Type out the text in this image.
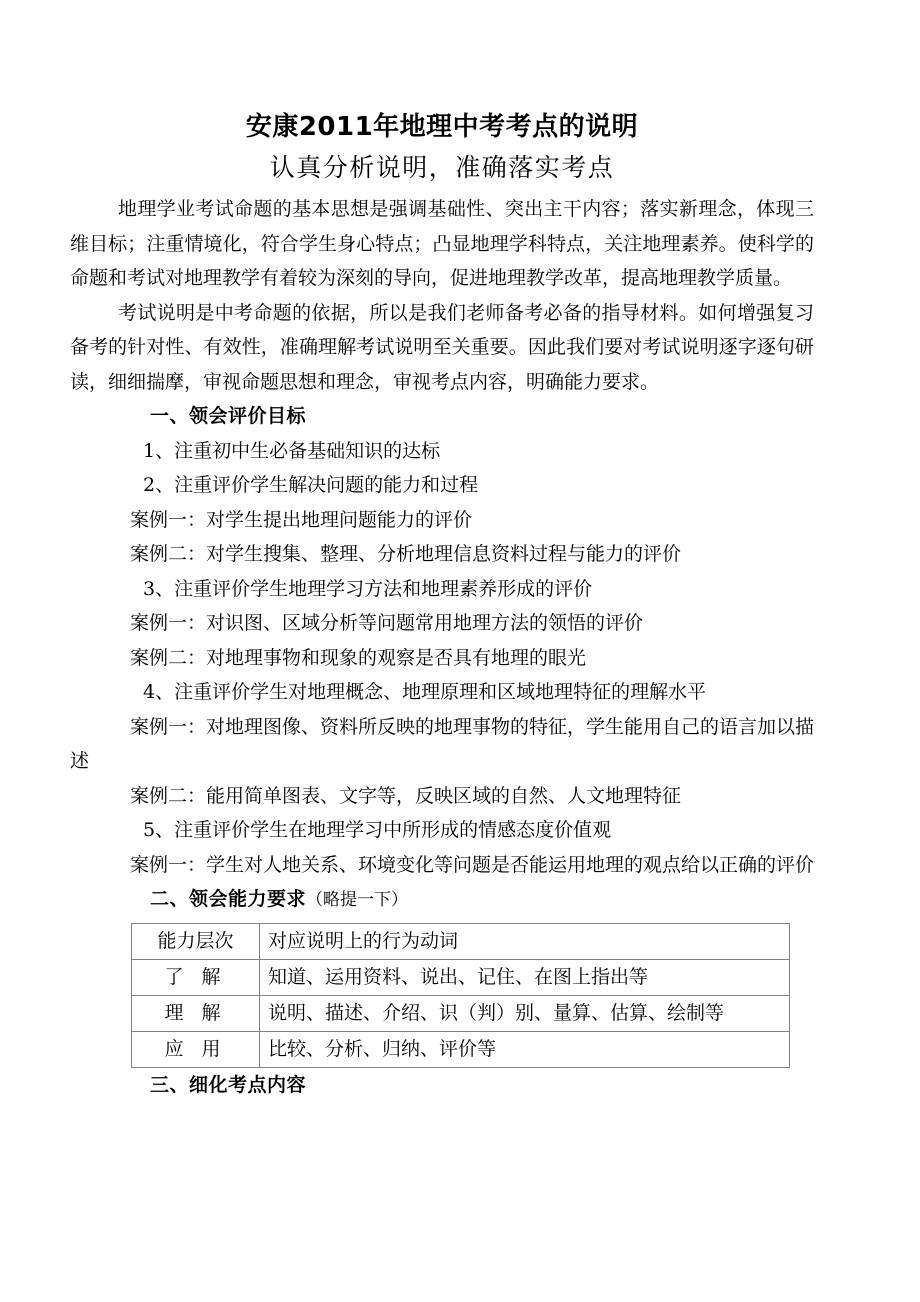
安康2011年地理中考考点的说明
认真分析说明，准确落实考点

地理学业考试命题的基本思想是强调基础性、突出主干内容；落实新理念，体现三维目标；注重情境化，符合学生身心特点；凸显地理学科特点，关注地理素养。使科学的命题和考试对地理教学有着较为深刻的导向，促进地理教学改革，提高地理教学质量。

考试说明是中考命题的依据，所以是我们老师备考必备的指导材料。如何增强复习备考的针对性、有效性，准确理解考试说明至关重要。因此我们要对考试说明逐字逐句研读，细细揣摩，审视命题思想和理念，审视考点内容，明确能力要求。

一、领会评价目标

1、注重初中生必备基础知识的达标

2、注重评价学生解决问题的能力和过程

案例一：对学生提出地理问题能力的评价

案例二：对学生搜集、整理、分析地理信息资料过程与能力的评价

3、注重评价学生地理学习方法和地理素养形成的评价

案例一：对识图、区域分析等问题常用地理方法的领悟的评价

案例二：对地理事物和现象的观察是否具有地理的眼光

4、注重评价学生对地理概念、地理原理和区域地理特征的理解水平

案例一：对地理图像、资料所反映的地理事物的特征，学生能用自己的语言加以描述

案例二：能用简单图表、文字等，反映区域的自然、人文地理特征

5、注重评价学生在地理学习中所形成的情感态度价值观

案例一：学生对人地关系、环境变化等问题是否能运用地理的观点给以正确的评价

二、领会能力要求（略提一下）
能力层次	对应说明上的行为动词
了 解	知道、运用资料、说出、记住、在图上指出等
理 解	说明、描述、介绍、识（判）别、量算、估算、绘制等
应 用	比较、分析、归纳、评价等
三、细化考点内容
